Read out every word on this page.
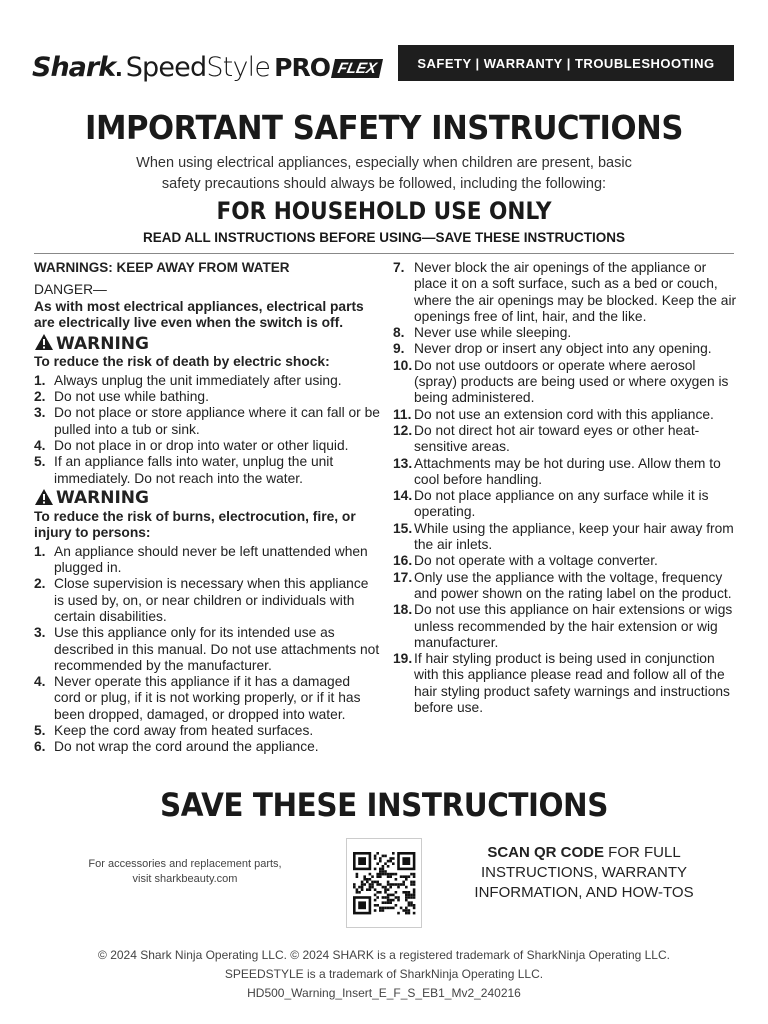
Shark . Speed Style PRO FLEX	SAFETY | WARRANTY | TROUBLESHOOTING
IMPORTANT SAFETY INSTRUCTIONS
When using electrical appliances, especially when children are present, basic
safety precautions should always be followed, including the following:
FOR HOUSEHOLD USE ONLY
READ ALL INSTRUCTIONS BEFORE USING—SAVE THESE INSTRUCTIONS
WARNINGS: KEEP AWAY FROM WATER
DANGER—
As with most electrical appliances, electrical parts are electrically live even when the switch is off.
WARNING
To reduce the risk of death by electric shock:
1. Always unplug the unit immediately after using.
2. Do not use while bathing.
3. Do not place or store appliance where it can fall or be pulled into a tub or sink.
4. Do not place in or drop into water or other liquid.
5. If an appliance falls into water, unplug the unit immediately. Do not reach into the water.
WARNING
To reduce the risk of burns, electrocution, fire, or injury to persons:
1. An appliance should never be left unattended when plugged in.
2. Close supervision is necessary when this appliance is used by, on, or near children or individuals with certain disabilities.
3. Use this appliance only for its intended use as described in this manual. Do not use attachments not recommended by the manufacturer.
4. Never operate this appliance if it has a damaged cord or plug, if it is not working properly, or if it has been dropped, damaged, or dropped into water.
5. Keep the cord away from heated surfaces.
6. Do not wrap the cord around the appliance.
7. Never block the air openings of the appliance or place it on a soft surface, such as a bed or couch, where the air openings may be blocked. Keep the air openings free of lint, hair, and the like.
8. Never use while sleeping.
9. Never drop or insert any object into any opening.
10. Do not use outdoors or operate where aerosol (spray) products are being used or where oxygen is being administered.
11. Do not use an extension cord with this appliance.
12. Do not direct hot air toward eyes or other heat-sensitive areas.
13. Attachments may be hot during use. Allow them to cool before handling.
14. Do not place appliance on any surface while it is operating.
15. While using the appliance, keep your hair away from the air inlets.
16. Do not operate with a voltage converter.
17. Only use the appliance with the voltage, frequency and power shown on the rating label on the product.
18. Do not use this appliance on hair extensions or wigs unless recommended by the hair extension or wig manufacturer.
19. If hair styling product is being used in conjunction with this appliance please read and follow all of the hair styling product safety warnings and instructions before use.
SAVE THESE INSTRUCTIONS
For accessories and replacement parts,
visit sharkbeauty.com
SCAN QR CODE FOR FULL
INSTRUCTIONS, WARRANTY
INFORMATION, AND HOW-TOS
© 2024 Shark Ninja Operating LLC. © 2024 SHARK is a registered trademark of SharkNinja Operating LLC.
SPEEDSTYLE is a trademark of SharkNinja Operating LLC.
HD500_Warning_Insert_E_F_S_EB1_Mv2_240216
